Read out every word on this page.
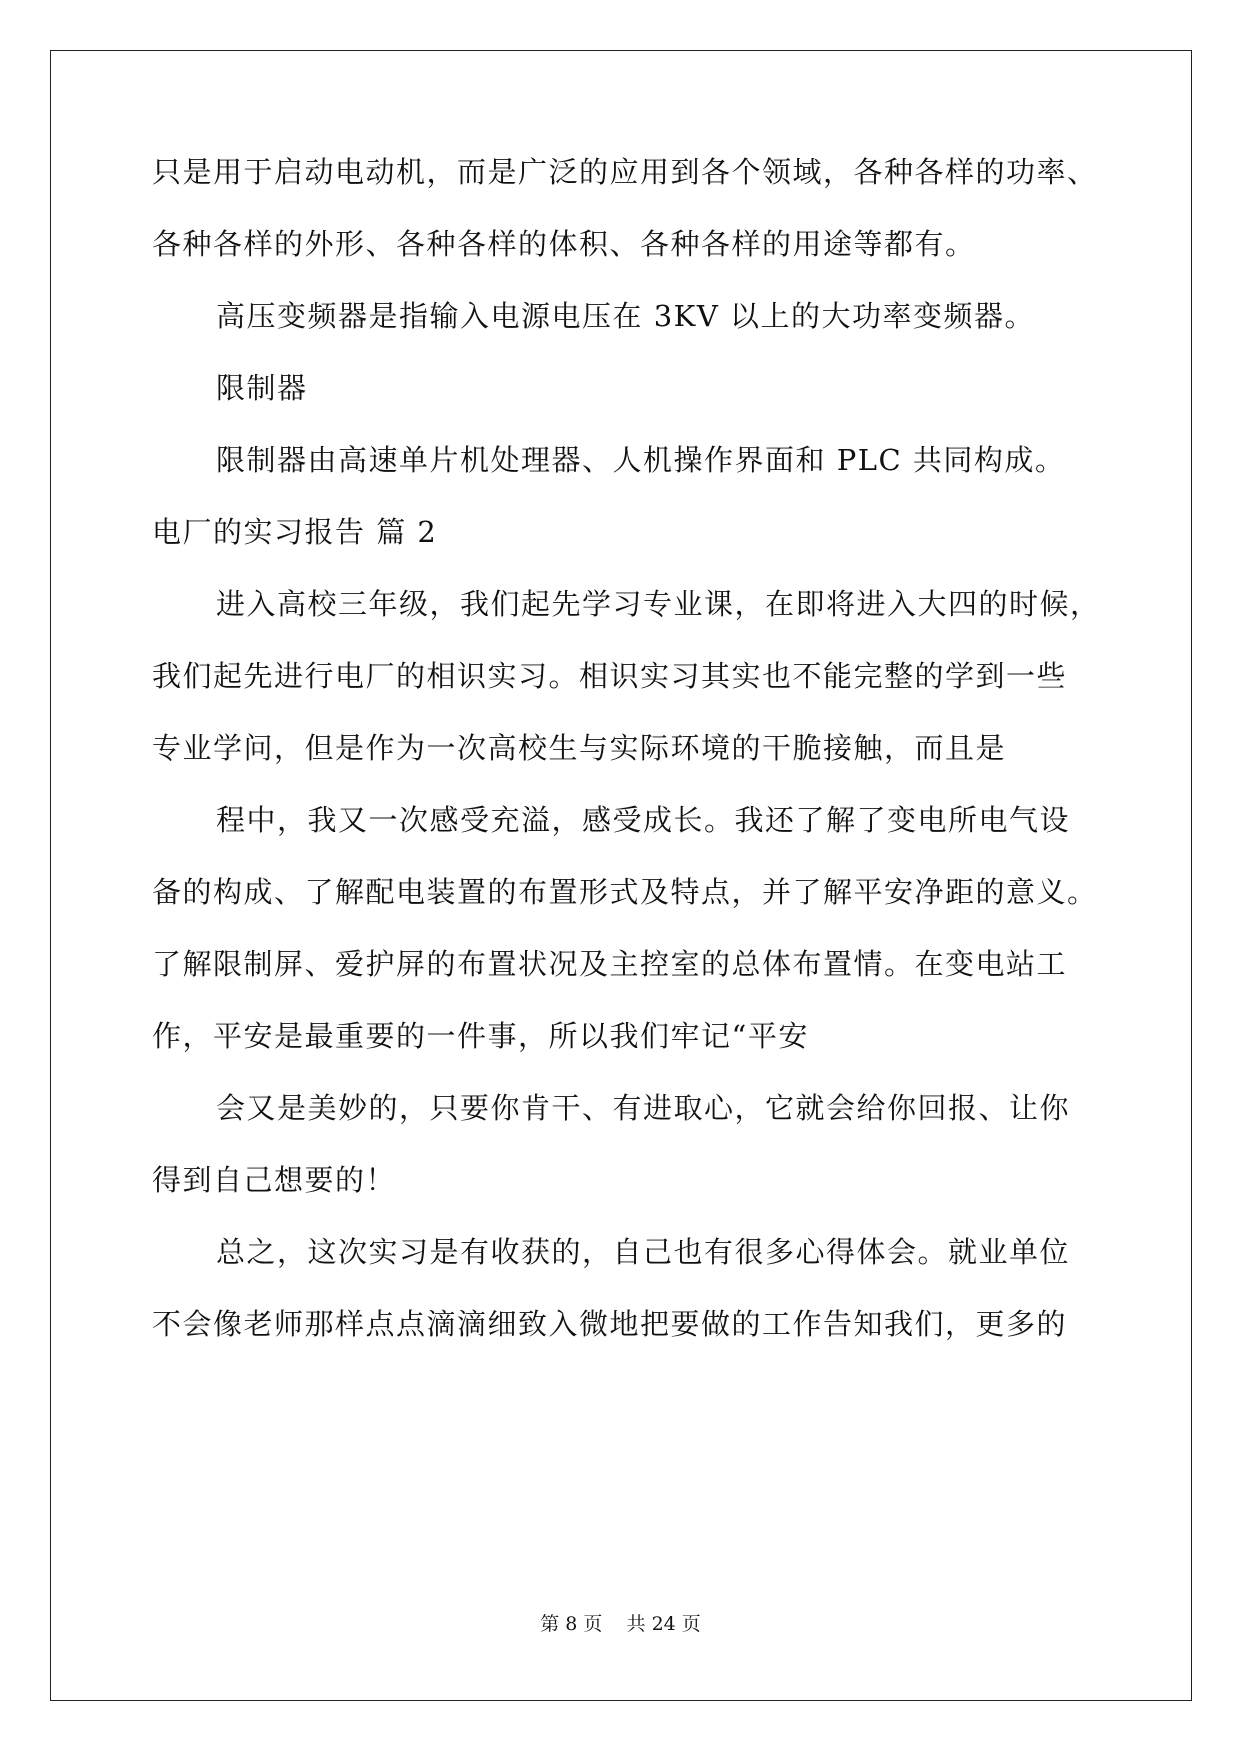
只是用于启动电动机，而是广泛的应用到各个领域，各种各样的功率、
各种各样的外形、各种各样的体积、各种各样的用途等都有。
高压变频器是指输入电源电压在 3KV 以上的大功率变频器。
限制器
限制器由高速单片机处理器、人机操作界面和 PLC 共同构成。
电厂的实习报告 篇 2
进入高校三年级，我们起先学习专业课，在即将进入大四的时候，
我们起先进行电厂的相识实习。相识实习其实也不能完整的学到一些
专业学问，但是作为一次高校生与实际环境的干脆接触，而且是
程中，我又一次感受充溢，感受成长。我还了解了变电所电气设
备的构成、了解配电装置的布置形式及特点，并了解平安净距的意义。
了解限制屏、爱护屏的布置状况及主控室的总体布置情。在变电站工
作，平安是最重要的一件事，所以我们牢记“平安
会又是美妙的，只要你肯干、有进取心，它就会给你回报、让你
得到自己想要的！
总之，这次实习是有收获的，自己也有很多心得体会。就业单位
不会像老师那样点点滴滴细致入微地把要做的工作告知我们，更多的
第 8 页    共 24 页
